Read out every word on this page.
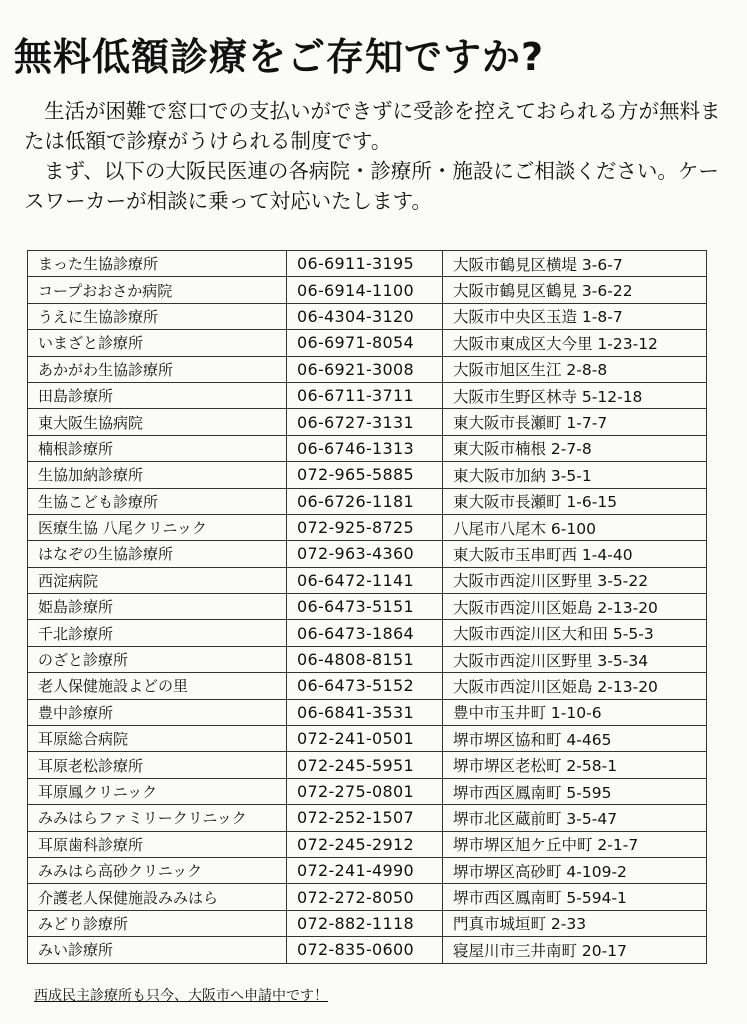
無料低額診療をご存知ですか?

生活が困難で窓口での支払いができずに受診を控えておられる方が無料または低額で診療がうけられる制度です。

まず、以下の大阪民医連の各病院・診療所・施設にご相談ください。ケースワーカーが相談に乗って対応いたします。

まった生協診療所	06-6911-3195	大阪市鶴見区横堤 3-6-7
コープおおさか病院	06-6914-1100	大阪市鶴見区鶴見 3-6-22
うえに生協診療所	06-4304-3120	大阪市中央区玉造 1-8-7
いまざと診療所	06-6971-8054	大阪市東成区大今里 1-23-12
あかがわ生協診療所	06-6921-3008	大阪市旭区生江 2-8-8
田島診療所	06-6711-3711	大阪市生野区林寺 5-12-18
東大阪生協病院	06-6727-3131	東大阪市長瀬町 1-7-7
楠根診療所	06-6746-1313	東大阪市楠根 2-7-8
生協加納診療所	072-965-5885	東大阪市加納 3-5-1
生協こども診療所	06-6726-1181	東大阪市長瀬町 1-6-15
医療生協 八尾クリニック	072-925-8725	八尾市八尾木 6-100
はなぞの生協診療所	072-963-4360	東大阪市玉串町西 1-4-40
西淀病院	06-6472-1141	大阪市西淀川区野里 3-5-22
姫島診療所	06-6473-5151	大阪市西淀川区姫島 2-13-20
千北診療所	06-6473-1864	大阪市西淀川区大和田 5-5-3
のざと診療所	06-4808-8151	大阪市西淀川区野里 3-5-34
老人保健施設よどの里	06-6473-5152	大阪市西淀川区姫島 2-13-20
豊中診療所	06-6841-3531	豊中市玉井町 1-10-6
耳原総合病院	072-241-0501	堺市堺区協和町 4-465
耳原老松診療所	072-245-5951	堺市堺区老松町 2-58-1
耳原鳳クリニック	072-275-0801	堺市西区鳳南町 5-595
みみはらファミリークリニック	072-252-1507	堺市北区蔵前町 3-5-47
耳原歯科診療所	072-245-2912	堺市堺区旭ケ丘中町 2-1-7
みみはら高砂クリニック	072-241-4990	堺市堺区高砂町 4-109-2
介護老人保健施設みみはら	072-272-8050	堺市西区鳳南町 5-594-1
みどり診療所	072-882-1118	門真市城垣町 2-33
みい診療所	072-835-0600	寝屋川市三井南町 20-17
西成民主診療所も只今、大阪市へ申請中です！
